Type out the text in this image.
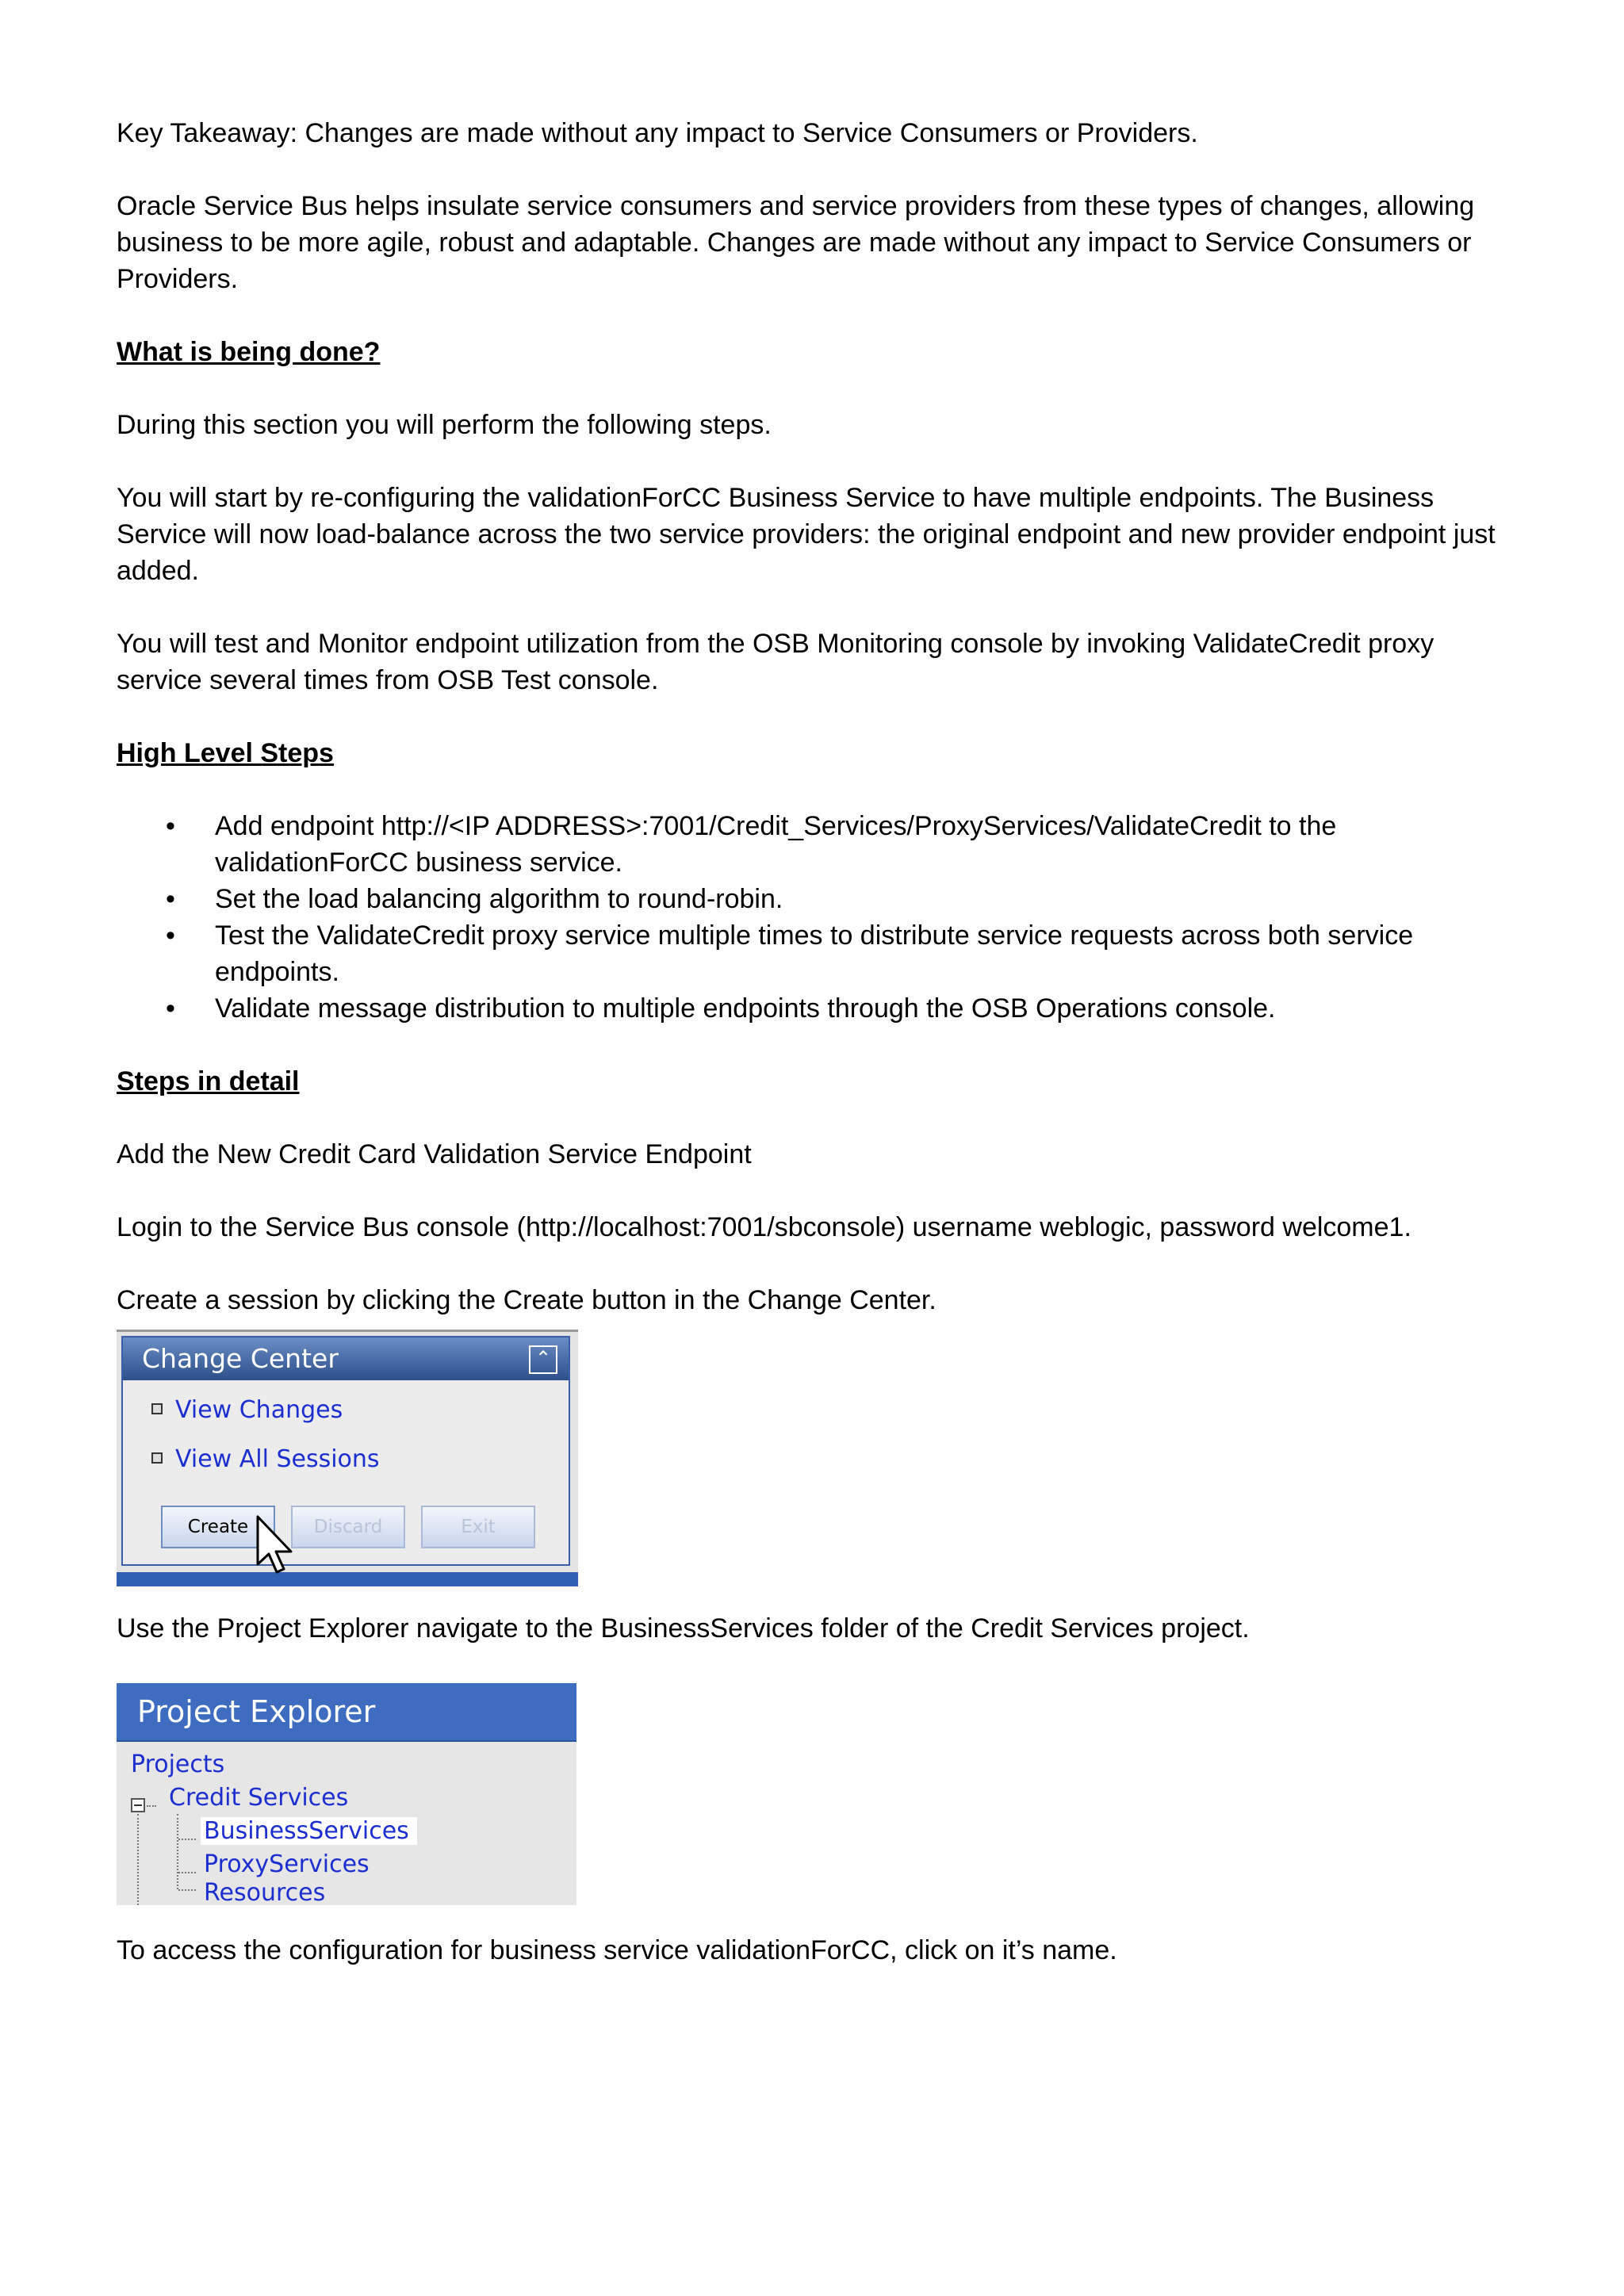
Key Takeaway: Changes are made without any impact to Service Consumers or Providers.

Oracle Service Bus helps insulate service consumers and service providers from these types of changes, allowing business to be more agile, robust and adaptable. Changes are made without any impact to Service Consumers or Providers.

What is being done?

During this section you will perform the following steps.

You will start by re-configuring the validationForCC Business Service to have multiple endpoints. The Business Service will now load-balance across the two service providers: the original endpoint and new provider endpoint just added.

You will test and Monitor endpoint utilization from the OSB Monitoring console by invoking ValidateCredit proxy service several times from OSB Test console.

High Level Steps
• Add endpoint http://<IP ADDRESS>:7001/Credit_Services/ProxyServices/ValidateCredit to the validationForCC business service.
• Set the load balancing algorithm to round-robin.
• Test the ValidateCredit proxy service multiple times to distribute service requests across both service endpoints.
• Validate message distribution to multiple endpoints through the OSB Operations console.
Steps in detail

Add the New Credit Card Validation Service Endpoint

Login to the Service Bus console (http://localhost:7001/sbconsole) username weblogic, password welcome1.

Create a session by clicking the Create button in the Change Center.

Change Center	⌃
View Changes
View All Sessions
Create	Discard	Exit

Use the Project Explorer navigate to the BusinessServices folder of the Credit Services project.

Project Explorer
Projects
Credit Services
BusinessServices
ProxyServices
Resources

To access the configuration for business service validationForCC, click on it’s name.
